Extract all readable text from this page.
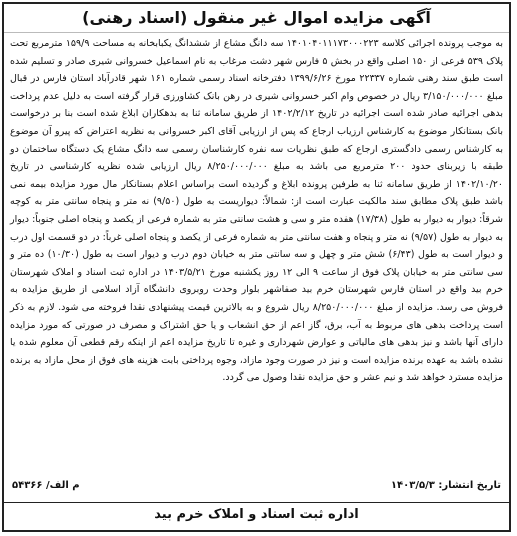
آگهی مزایده اموال غیر منقول (اسناد رهنی)
به موجب پرونده اجرائی کلاسه ۱۴۰۱۰۴۰۱۱۱۷۳۰۰۰۲۲۳ سه دانگ مشاع از ششدانگ یکبابخانه به مساحت ۱۵۹/۹ مترمربع تحت پلاک ۵۳۹ فرعی از ۱۵۰ اصلی واقع در بخش ۵ فارس شهر دشت مرغاب به نام اسماعیل خسروانی شیری صادر و تسلیم شده است طبق سند رهنی شماره ۲۲۳۳۷ مورخ ۱۳۹۹/۶/۲۶ دفترخانه اسناد رسمی شماره ۱۶۱ شهر قادرآباد استان فارس در قبال مبلغ ۳/۱۵۰/۰۰۰/۰۰۰ ریال در خصوص وام اکبر خسروانی شیری در رهن بانک کشاورزی قرار گرفته است به دلیل عدم پرداخت بدهی اجرائیه صادر شده است اجرائیه در تاریخ ۱۴۰۲/۲/۱۲ از طریق سامانه ثنا به بدهکاران ابلاغ شده است بنا بر درخواست بانک بستانکار موضوع به کارشناس ارزیاب ارجاع که پس از ارزیابی آقای اکبر خسروانی به نظریه اعتراض که پیرو آن موضوع به کارشناس رسمی دادگستری ارجاع که طبق نظریات سه نفره کارشناسان رسمی سه دانگ مشاع یک دستگاه ساختمان دو طبقه با زیربنای حدود ۲۰۰ مترمربع می باشد به مبلغ ۸/۲۵۰/۰۰۰/۰۰۰ ریال ارزیابی شده نظریه کارشناسی در تاریخ ۱۴۰۲/۱۰/۲۰ از طریق سامانه ثنا به طرفین پرونده ابلاغ و گردیده است براساس اعلام بستانکار مال مورد مزایده بیمه نمی باشد طبق پلاک مطابق سند مالکیت عبارت است از: شمالاً: دیواریست به طول (۹/۵۰) نه متر و پنجاه سانتی متر به کوچه شرقاً: دیوار به دیوار به طول (۱۷/۳۸) هفده متر و سی و هشت سانتی متر به شماره فرعی از یکصد و پنجاه اصلی جنوباً: دیوار به دیوار به طول (۹/۵۷) نه متر و پنجاه و هفت سانتی متر به شماره فرعی از یکصد و پنجاه اصلی غرباً: در دو قسمت اول درب و دیوار است به طول (۶/۴۳) شش متر و چهل و سه سانتی متر به خیابان دوم درب و دیوار است به طول (۱۰/۳۰) ده متر و سی سانتی متر به خیابان پلاک فوق از ساعت ۹ الی ۱۲ روز یکشنبه مورخ ۱۴۰۳/۵/۲۱ در اداره ثبت اسناد و املاک شهرستان خرم بید واقع در استان فارس شهرستان خرم بید صفاشهر بلوار وحدت روبروی دانشگاه آزاد اسلامی از طریق مزایده به فروش می رسد. مزایده از مبلغ ۸/۲۵۰/۰۰۰/۰۰۰ ریال شروع و به بالاترین قیمت پیشنهادی نقدا فروخته می شود. لازم به ذکر است پرداخت بدهی های مربوط به آب، برق، گاز اعم از حق انشعاب و یا حق اشتراک و مصرف در صورتی که مورد مزایده دارای آنها باشد و نیز بدهی های مالیاتی و عوارض شهرداری و غیره تا تاریخ مزایده اعم از اینکه رقم قطعی آن معلوم شده یا نشده باشد به عهده برنده مزایده است و نیز در صورت وجود مازاد، وجوه پرداختی بابت هزینه های فوق از محل مازاد به برنده مزایده مسترد خواهد شد و نیم عشر و حق مزایده نقدا وصول می گردد.
تاریخ انتشار: ۱۴۰۳/۵/۳
م الف/ ۵۴۳۶۶
اداره ثبت اسناد و املاک خرم بید
